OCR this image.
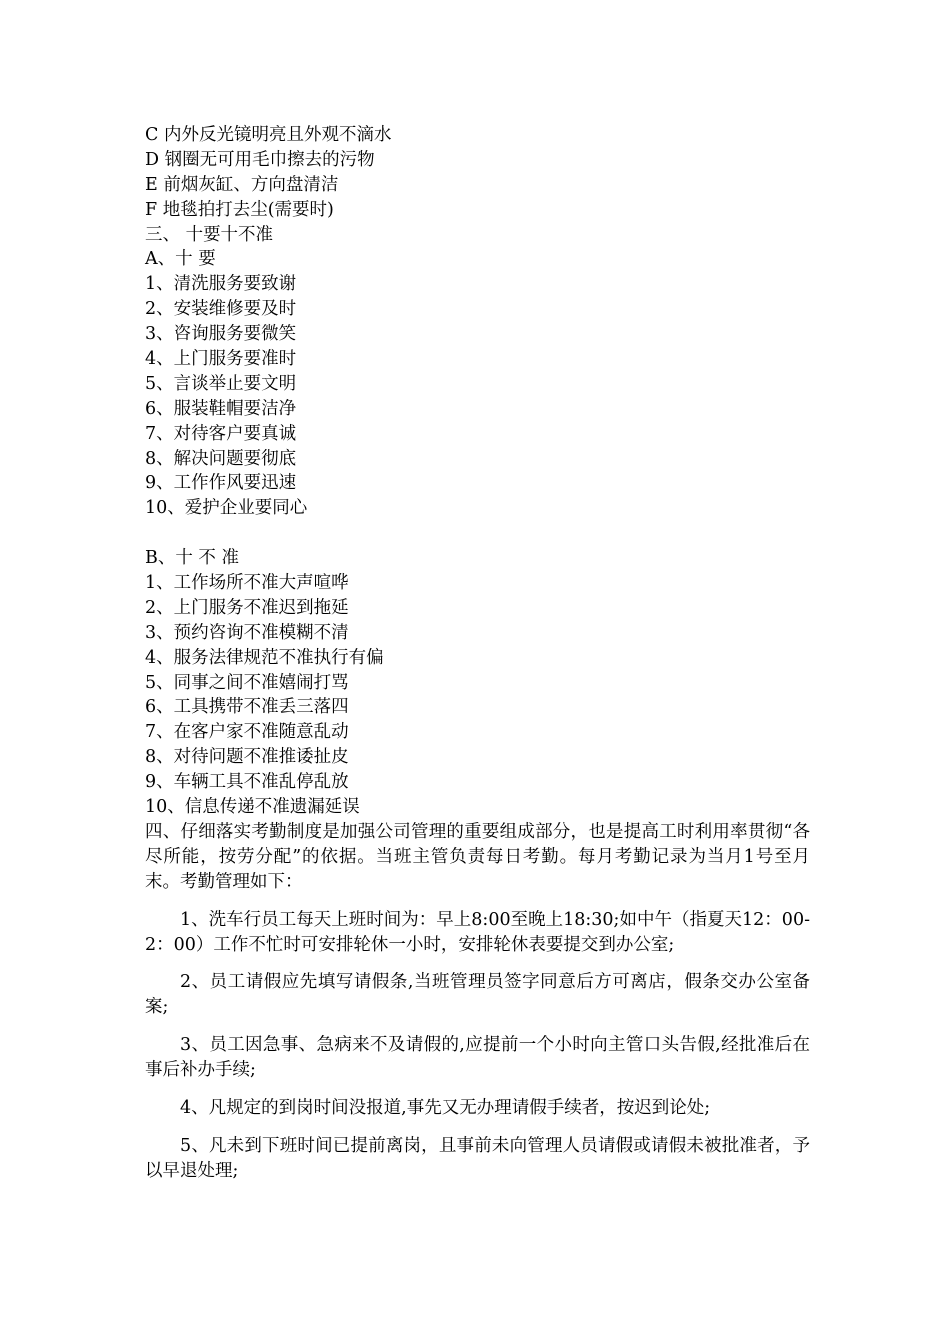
C 内外反光镜明亮且外观不滴水
D 钢圈无可用毛巾擦去的污物
E 前烟灰缸、方向盘清洁
F 地毯拍打去尘(需要时)
三、 十要十不准
A、十 要
1、清洗服务要致谢
2、安装维修要及时
3、咨询服务要微笑
4、上门服务要准时
5、言谈举止要文明
6、服装鞋帽要洁净
7、对待客户要真诚
8、解决问题要彻底
9、工作作风要迅速
10、爱护企业要同心
B、十 不 准
1、工作场所不准大声喧哗
2、上门服务不准迟到拖延
3、预约咨询不准模糊不清
4、服务法律规范不准执行有偏
5、同事之间不准嬉闹打骂
6、工具携带不准丢三落四
7、在客户家不准随意乱动
8、对待问题不准推诿扯皮
9、车辆工具不准乱停乱放
10、信息传递不准遗漏延误
四、仔细落实考勤制度是加强公司管理的重要组成部分，也是提高工时利用率贯彻“各尽所能，按劳分配”的依据。当班主管负责每日考勤。每月考勤记录为当月1号至月末。考勤管理如下：
1、洗车行员工每天上班时间为：早上8:00至晚上18:30;如中午（指夏天12：00-2：00）工作不忙时可安排轮休一小时，安排轮休表要提交到办公室;
2、员工请假应先填写请假条,当班管理员签字同意后方可离店，假条交办公室备案;
3、员工因急事、急病来不及请假的,应提前一个小时向主管口头告假,经批准后在事后补办手续;
4、凡规定的到岗时间没报道,事先又无办理请假手续者，按迟到论处;
5、凡未到下班时间已提前离岗，且事前未向管理人员请假或请假未被批准者，予以早退处理;
